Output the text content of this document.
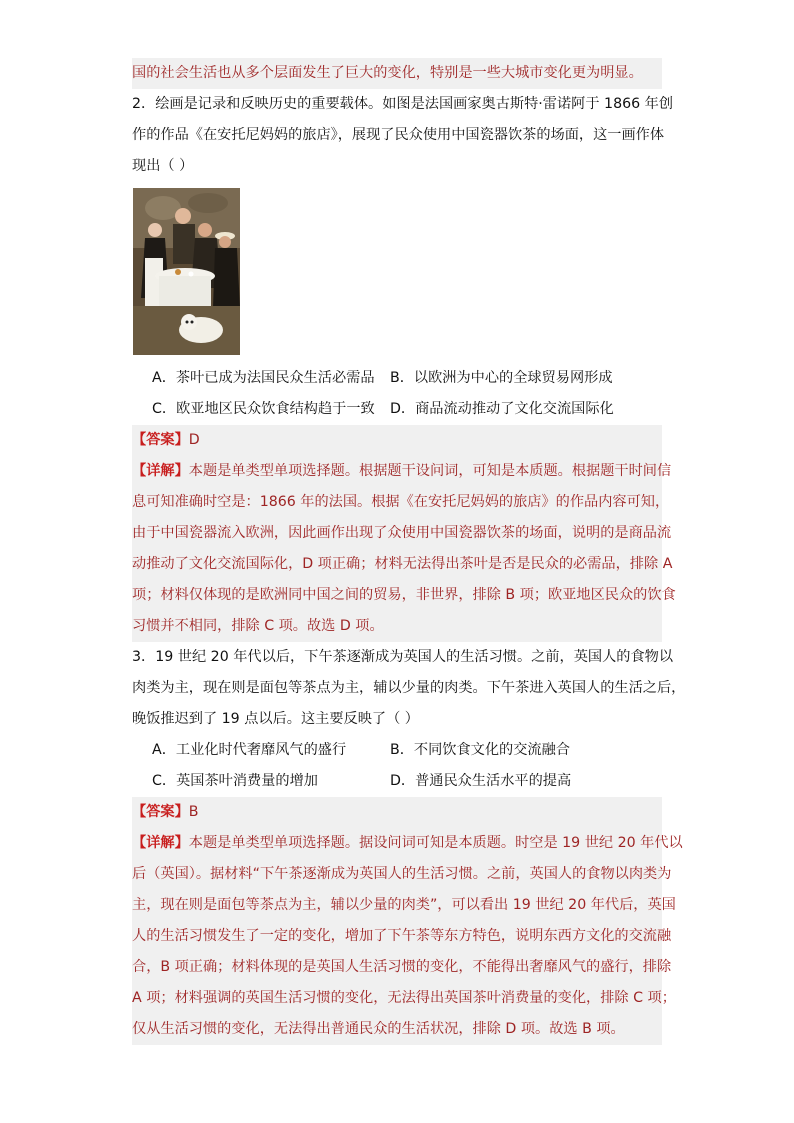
国的社会生活也从多个层面发生了巨大的变化，特别是一些大城市变化更为明显。
2．绘画是记录和反映历史的重要载体。如图是法国画家奥古斯特·雷诺阿于 1866 年创
作的作品《在安托尼妈妈的旅店》，展现了民众使用中国瓷器饮茶的场面，这一画作体
现出（ ）
A．茶叶已成为法国民众生活必需品	B．以欧洲为中心的全球贸易网形成
C．欧亚地区民众饮食结构趋于一致	D．商品流动推动了文化交流国际化
【答案】D
【详解】本题是单类型单项选择题。根据题干设问词，可知是本质题。根据题干时间信
息可知准确时空是：1866 年的法国。根据《在安托尼妈妈的旅店》的作品内容可知，
由于中国瓷器流入欧洲，因此画作出现了众使用中国瓷器饮茶的场面，说明的是商品流
动推动了文化交流国际化，D 项正确；材料无法得出茶叶是否是民众的必需品，排除 A
项；材料仅体现的是欧洲同中国之间的贸易，非世界，排除 B 项；欧亚地区民众的饮食
习惯并不相同，排除 C 项。故选 D 项。
3．19 世纪 20 年代以后，下午茶逐渐成为英国人的生活习惯。之前，英国人的食物以
肉类为主，现在则是面包等茶点为主，辅以少量的肉类。下午茶进入英国人的生活之后，
晚饭推迟到了 19 点以后。这主要反映了（ ）
A．工业化时代奢靡风气的盛行	B．不同饮食文化的交流融合
C．英国茶叶消费量的增加	D．普通民众生活水平的提高
【答案】B
【详解】本题是单类型单项选择题。据设问词可知是本质题。时空是 19 世纪 20 年代以
后（英国）。据材料“下午茶逐渐成为英国人的生活习惯。之前，英国人的食物以肉类为
主，现在则是面包等茶点为主，辅以少量的肉类”，可以看出 19 世纪 20 年代后，英国
人的生活习惯发生了一定的变化，增加了下午茶等东方特色，说明东西方文化的交流融
合，B 项正确；材料体现的是英国人生活习惯的变化，不能得出奢靡风气的盛行，排除
A 项；材料强调的英国生活习惯的变化，无法得出英国茶叶消费量的变化，排除 C 项；
仅从生活习惯的变化，无法得出普通民众的生活状况，排除 D 项。故选 B 项。
